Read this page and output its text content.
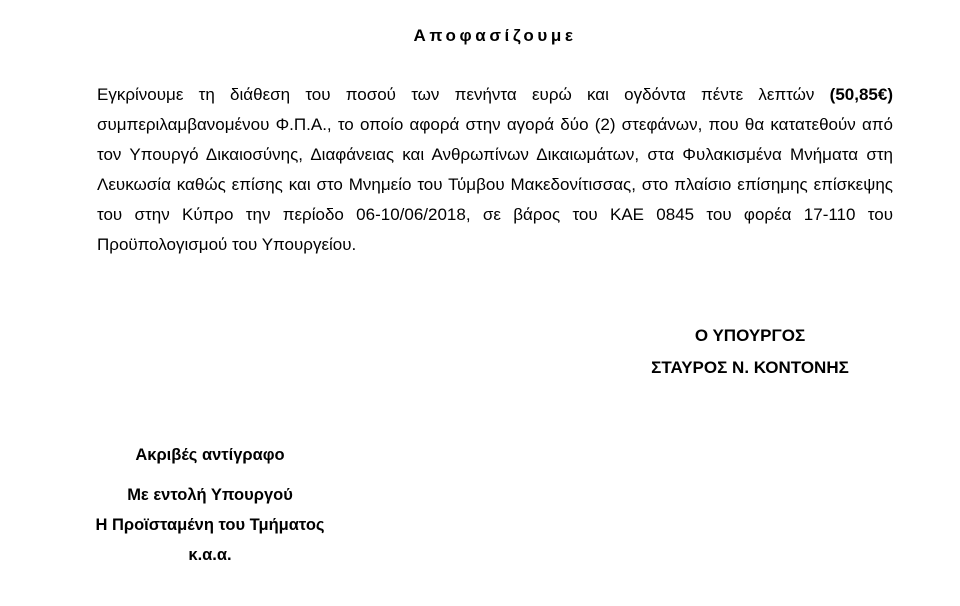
Αποφασίζουμε
Εγκρίνουμε τη διάθεση του ποσού των πενήντα ευρώ και ογδόντα πέντε λεπτών (50,85€) συμπεριλαμβανομένου Φ.Π.Α., το οποίο αφορά στην αγορά δύο (2) στεφάνων, που θα κατατεθούν από τον Υπουργό Δικαιοσύνης, Διαφάνειας και Ανθρωπίνων Δικαιωμάτων, στα Φυλακισμένα Μνήματα στη Λευκωσία καθώς επίσης και στο Μνημείο του Τύμβου Μακεδονίτισσας, στο πλαίσιο επίσημης επίσκεψης του στην Κύπρο την περίοδο 06-10/06/2018, σε βάρος του ΚΑΕ 0845 του φορέα 17-110 του Προϋπολογισμού του Υπουργείου.
Ο ΥΠΟΥΡΓΟΣ
ΣΤΑΥΡΟΣ Ν. ΚΟΝΤΟΝΗΣ
Ακριβές αντίγραφο
Με εντολή Υπουργού
Η Προϊσταμένη του Τμήματος
κ.α.α.
